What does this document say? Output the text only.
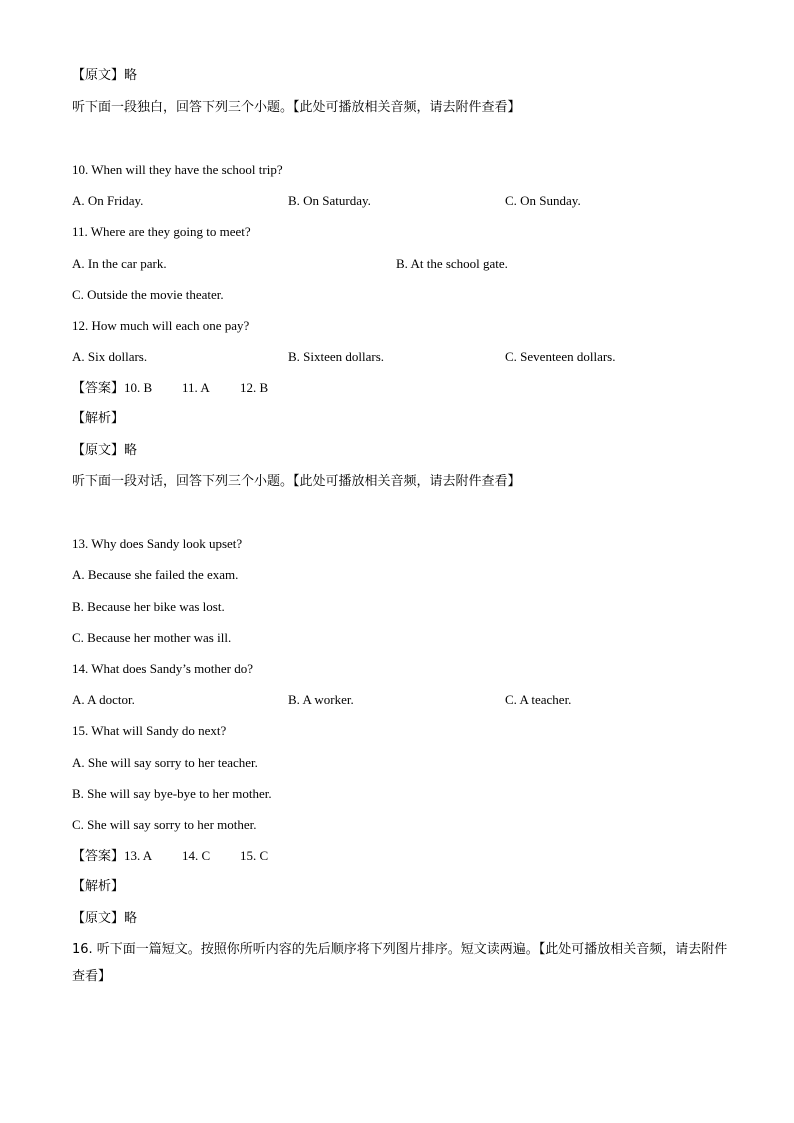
【原文】略
听下面一段独白，回答下列三个小题。【此处可播放相关音频，请去附件查看】
10. When will they have the school trip?
A. On Friday.	B. On Saturday.	C. On Sunday.
11. Where are they going to meet?
A. In the car park.	B. At the school gate.
C. Outside the movie theater.
12. How much will each one pay?
A. Six dollars.	B. Sixteen dollars.	C. Seventeen dollars.
【答案】10. B 11. A 12. B
【解析】
【原文】略
听下面一段对话，回答下列三个小题。【此处可播放相关音频，请去附件查看】
13. Why does Sandy look upset?
A. Because she failed the exam.
B. Because her bike was lost.
C. Because her mother was ill.
14. What does Sandy’s mother do?
A. A doctor.	B. A worker.	C. A teacher.
15. What will Sandy do next?
A. She will say sorry to her teacher.
B. She will say bye-bye to her mother.
C. She will say sorry to her mother.
【答案】13. A 14. C 15. C
【解析】
【原文】略
16. 听下面一篇短文。按照你所听内容的先后顺序将下列图片排序。短文读两遍。【此处可播放相关音频，请去附件查看】
